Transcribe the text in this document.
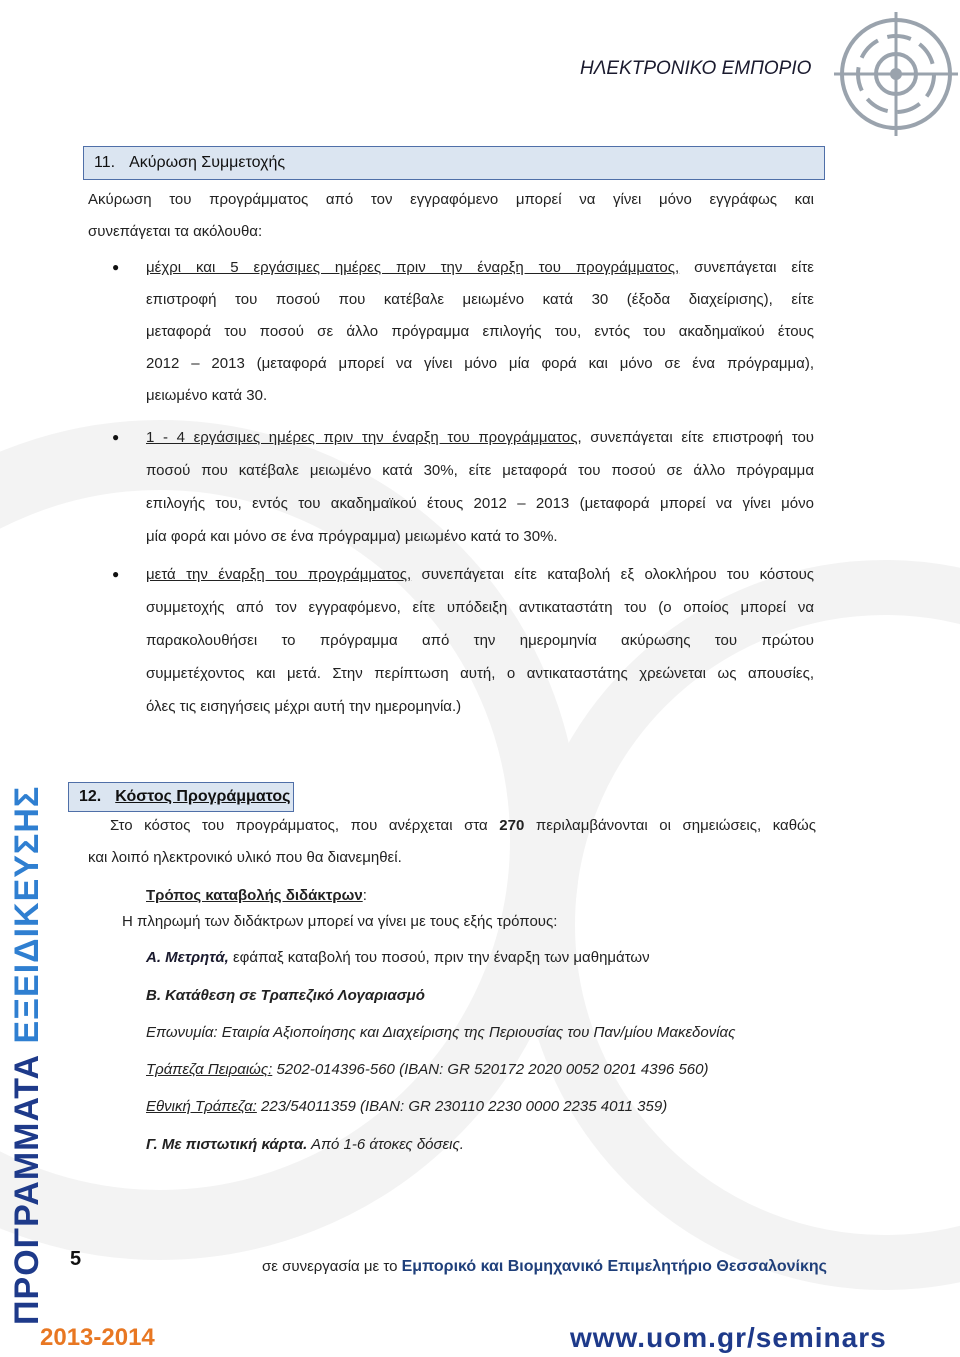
ΗΛΕΚΤΡΟΝΙΚΟ ΕΜΠΟΡΙΟ
11. Ακύρωση Συμμετοχής
Ακύρωση του προγράμματος από τον εγγραφόμενο μπορεί να γίνει μόνο εγγράφως και
συνεπάγεται τα ακόλουθα:
● μέχρι και 5 εργάσιμες ημέρες πριν την έναρξη του προγράμματος, συνεπάγεται είτε
επιστροφή του ποσού που κατέβαλε μειωμένο κατά 30 (έξοδα διαχείρισης), είτε
μεταφορά του ποσού σε άλλο πρόγραμμα επιλογής του, εντός του ακαδημαϊκού έτους
2012 – 2013 (μεταφορά μπορεί να γίνει μόνο μία φορά και μόνο σε ένα πρόγραμμα),
μειωμένο κατά 30.
● 1 - 4 εργάσιμες ημέρες πριν την έναρξη του προγράμματος, συνεπάγεται είτε επιστροφή του
ποσού που κατέβαλε μειωμένο κατά 30%, είτε μεταφορά του ποσού σε άλλο πρόγραμμα
επιλογής του, εντός του ακαδημαϊκού έτους 2012 – 2013 (μεταφορά μπορεί να γίνει μόνο
μία φορά και μόνο σε ένα πρόγραμμα) μειωμένο κατά το 30%.
● μετά την έναρξη του προγράμματος, συνεπάγεται είτε καταβολή εξ ολοκλήρου του κόστους
συμμετοχής από τον εγγραφόμενο, είτε υπόδειξη αντικαταστάτη του (ο οποίος μπορεί να
παρακολουθήσει το πρόγραμμα από την ημερομηνία ακύρωσης του πρώτου
συμμετέχοντος και μετά. Στην περίπτωση αυτή, ο αντικαταστάτης χρεώνεται ως απουσίες,
όλες τις εισηγήσεις μέχρι αυτή την ημερομηνία.)
12. Κόστος Προγράμματος
Στο κόστος του προγράμματος, που ανέρχεται στα 270 περιλαμβάνονται οι σημειώσεις, καθώς
και λοιπό ηλεκτρονικό υλικό που θα διανεμηθεί.
Τρόπος καταβολής διδάκτρων:
Η πληρωμή των διδάκτρων μπορεί να γίνει με τους εξής τρόπους:
Α. Μετρητά, εφάπαξ καταβολή του ποσού, πριν την έναρξη των μαθημάτων
Β. Κατάθεση σε Τραπεζικό Λογαριασμό
Επωνυμία: Εταιρία Αξιοποίησης και Διαχείρισης της Περιουσίας του Παν/μίου Μακεδονίας
Τράπεζα Πειραιώς: 5202-014396-560 (IBAN: GR 520172 2020 0052 0201 4396 560)
Εθνική Τράπεζα: 223/54011359 (IBAN: GR 230110 2230 0000 2235 4011 359)
Γ. Με πιστωτική κάρτα. Από 1-6 άτοκες δόσεις.
5	σε συνεργασία με το Εμπορικό και Βιομηχανικό Επιμελητήριο Θεσσαλονίκης
ΠΡΟΓΡΑΜΜΑΤΑ ΕΞΕΙΔΙΚΕΥΣΗΣ
2013-2014	www.uom.gr/seminars
